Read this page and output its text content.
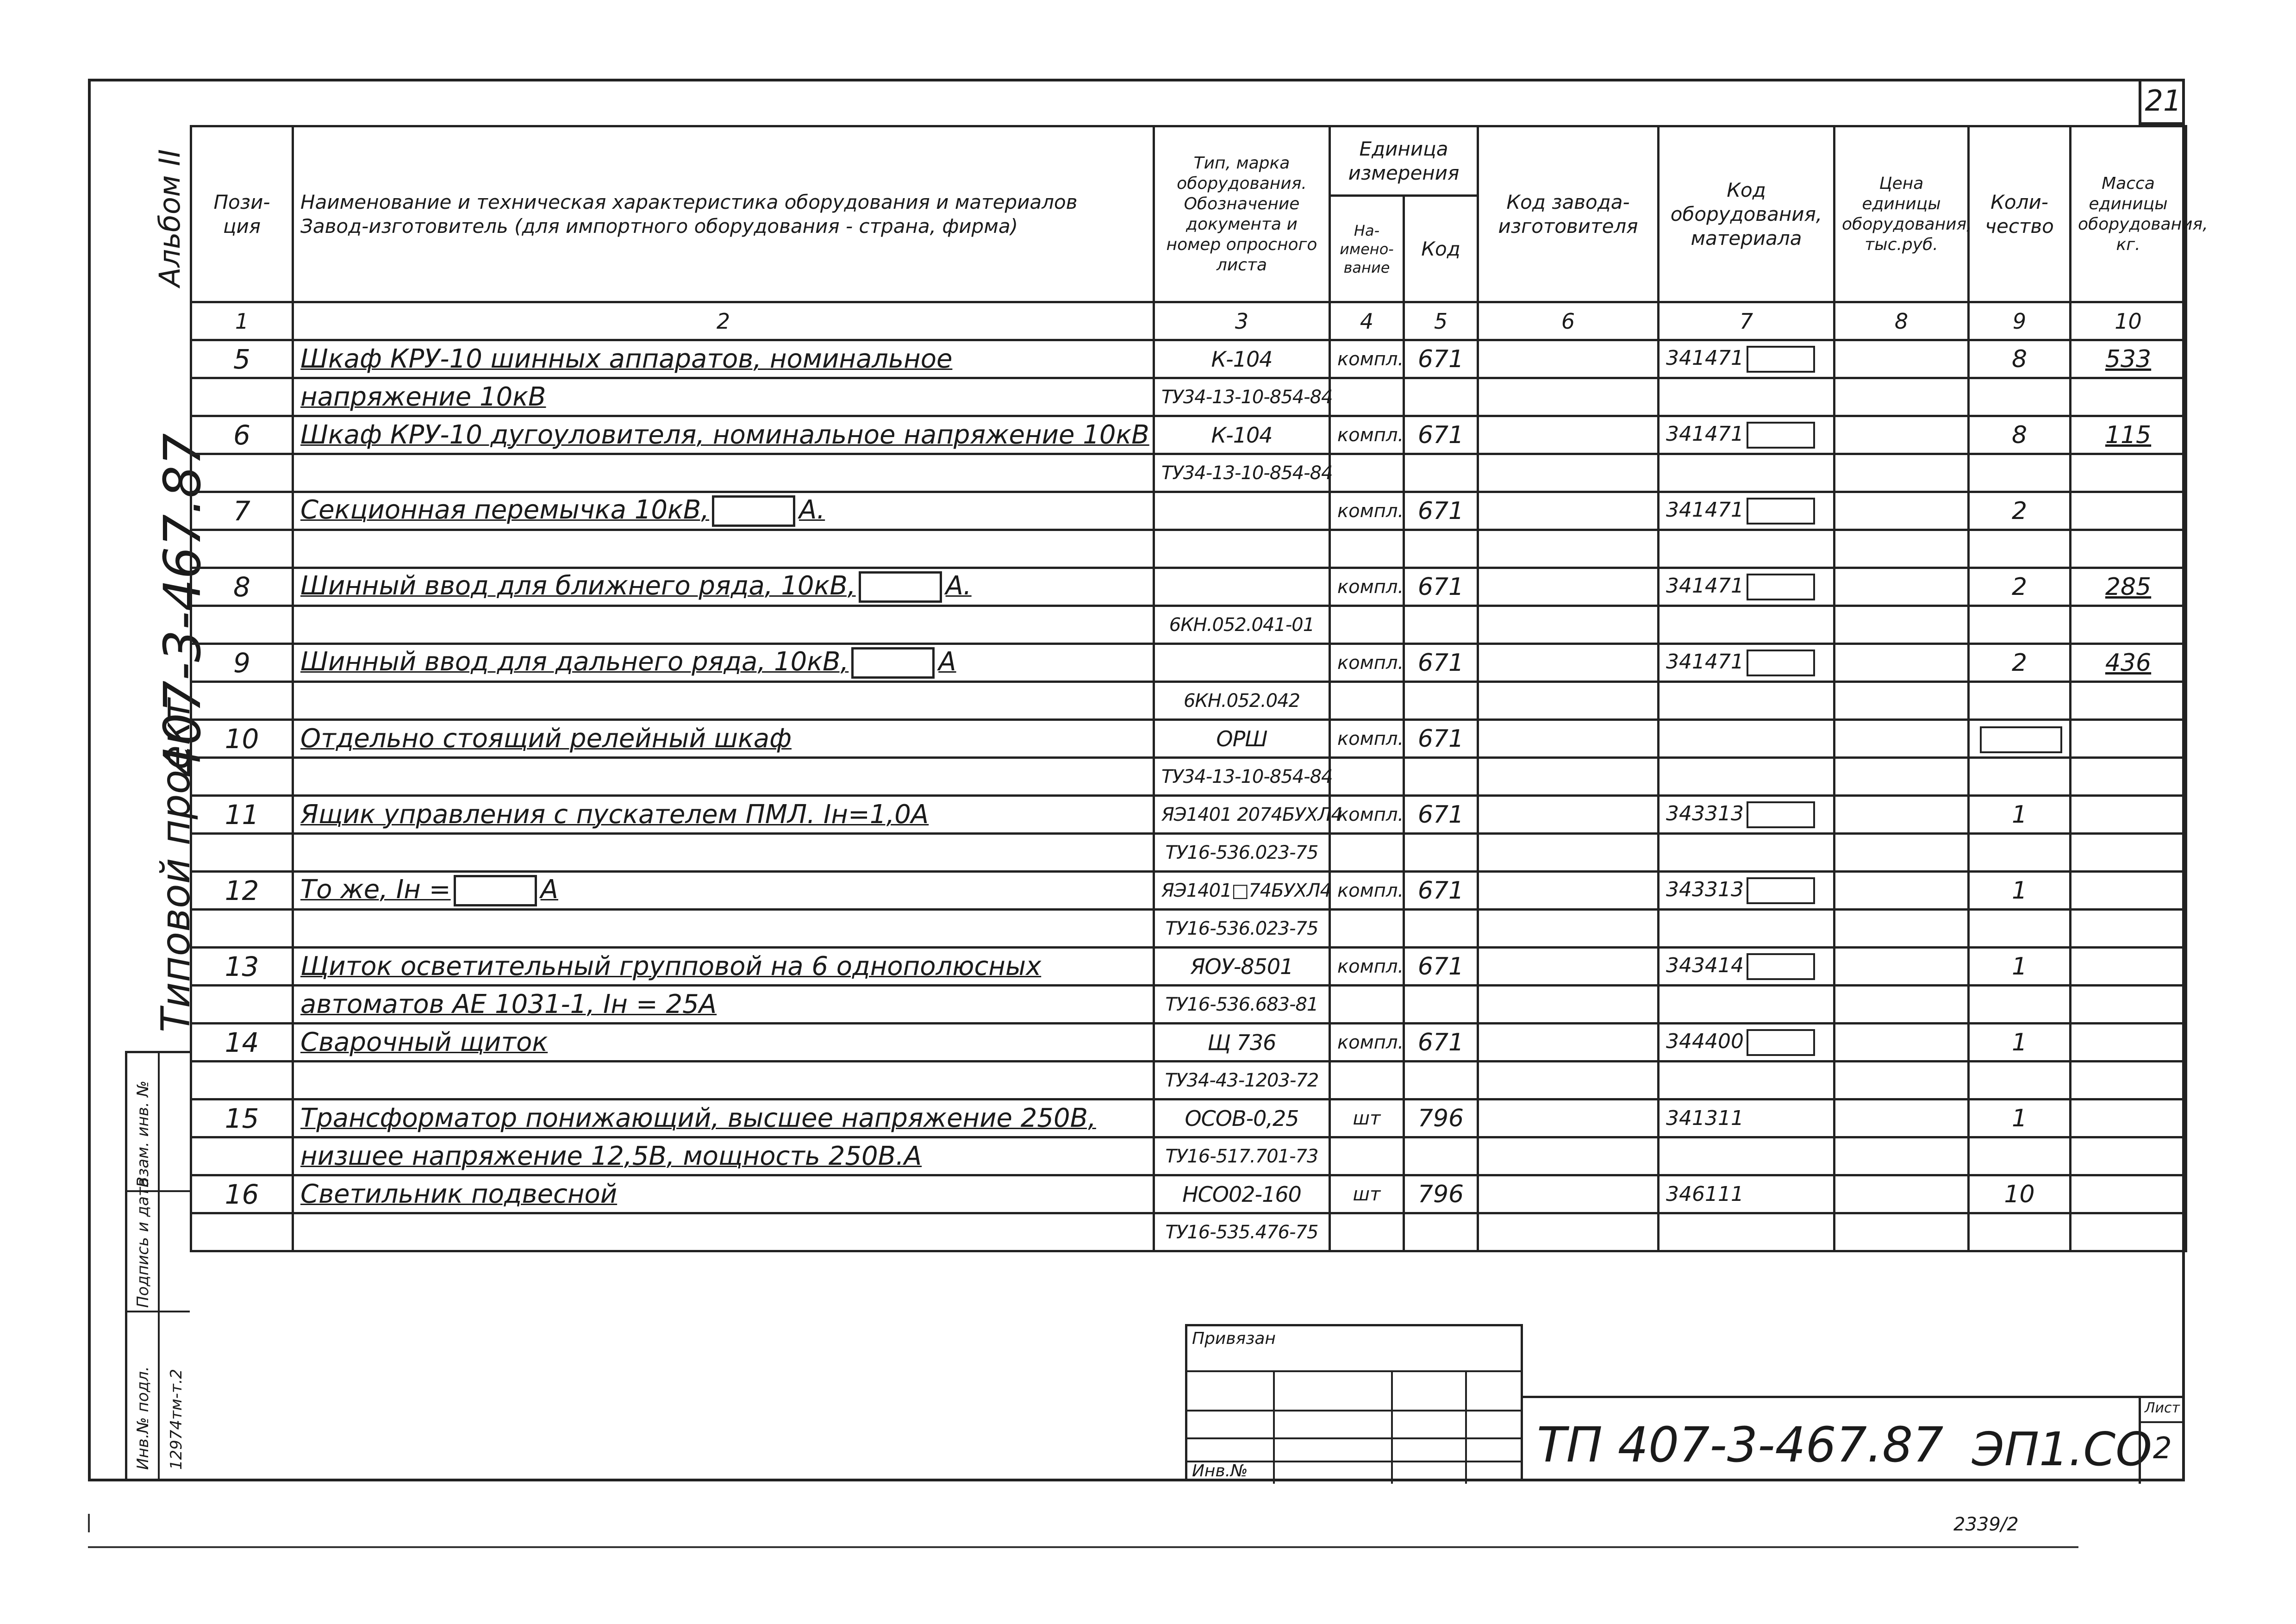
21
Альбом II
407-3-467.87
Типовой проект
Взам. инв. №
Подпись и дата
Инв.№ подл. 12974тм-т.2
Пози-ция	Наименование и техническая характеристика оборудования и материалов Завод-изготовитель (для импортного оборудования - страна, фирма)	Тип, марка оборудования. Обозначение документа и номер опросного листа	Единица измерения		Код завода-изготовителя	Код оборудования, материала	Цена единицы оборудования, тыс.руб.	Коли-чество	Масса единицы оборудования, кг.
			На-имено-вание	Код					
1	2	3	4	5	6	7	8	9	10
5	Шкаф КРУ-10 шинных аппаратов, номинальное	К-104	компл.	671		341471		8	533
	напряжение 10кВ	ТУ34-13-10-854-84							
6	Шкаф КРУ-10 дугоуловителя, номинальное напряжение 10кВ	К-104	компл.	671		341471		8	115
		ТУ34-13-10-854-84							
7	Секционная перемычка 10кВ, А.		компл.	671		341471		2	

8	Шинный ввод для ближнего ряда, 10кВ, А.		компл.	671		341471		2	285
		6КН.052.041-01							
9	Шинный ввод для дальнего ряда, 10кВ, А		компл.	671		341471		2	436
		6КН.052.042							
10	Отдельно стоящий релейный шкаф	ОРШ	компл.	671					
		ТУ34-13-10-854-84							
11	Ящик управления с пускателем ПМЛ. Iн=1,0А	ЯЭ1401 2074БУХЛ4	компл.	671		343313		1	
		ТУ16-536.023-75							
12	То же, Iн = А	ЯЭ1401□74БУХЛ4	компл.	671		343313		1	
		ТУ16-536.023-75							
13	Щиток осветительный групповой на 6 однополюсных	ЯОУ-8501	компл.	671		343414		1	
	автоматов АЕ 1031-1, Iн = 25А	ТУ16-536.683-81							
14	Сварочный щиток	Щ 736	компл.	671		344400		1	
		ТУ34-43-1203-72							
15	Трансформатор понижающий, высшее напряжение 250В,	ОСОВ-0,25	шт	796		341311		1	
	низшее напряжение 12,5В, мощность 250В.А	ТУ16-517.701-73							
16	Светильник подвесной	НСО02-160	шт	796		346111		10	
		ТУ16-535.476-75							
Привязан
Инв.№	ТП 407-3-467.87 ЭП1.СО
Лист
2
2339/2
